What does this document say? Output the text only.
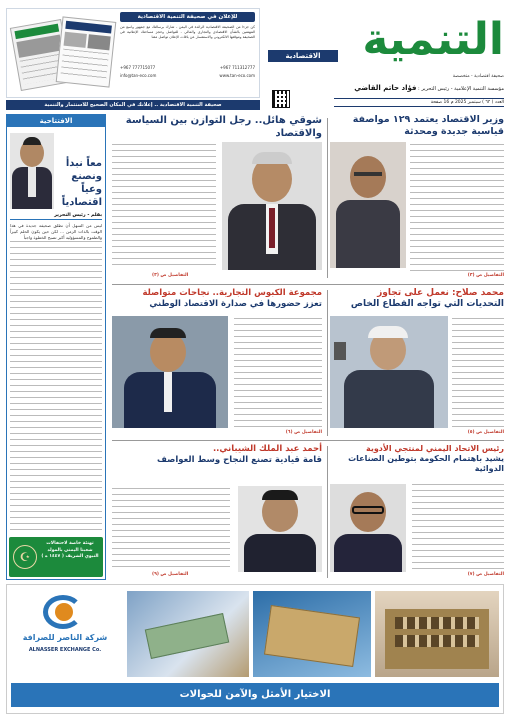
للإعلان في صحيفة التنمية الاقتصادية
كن جزءاً من الصحيفة الاقتصادية الرائدة في اليمن - شارك برسالتك مع جمهور واسع من المهتمين بالشأن الاقتصادي والتجاري والمالي - للتواصل وحجز مساحتك الإعلانية في الصحيفة وموقعها الالكتروني والاستفسار عن باقات الإعلان تواصل معنا
+967 777715077	+967 711312777
info@tan-eco.com	www.tan-eco.com
صحيفة التنمية الاقتصادية .. إعلانك في المكان الصحيح للاستثمار والتنمية
التنمية
الاقتصادية
صحيفة اقتصادية - متخصصة
مؤسسة التنمية الإعلامية - رئيس التحرير : فؤاد حاتم القاضي
العدد ( ٦٣ ) سبتمبر 2025 م 16 صفحة
الافتتاحية
معاً نبدأ ونصنع وعياً اقتصادياً
بقلم - رئيس التحرير
ليس من السهل أن تطلق صحيفة جديدة في هذا الوقت بالذات الزمن ... لكن حين يكون الحلم كبيراً والطموح والمسؤولية أكبر تصبح الخطوة واجباً
تهنئة خاصة لاحتفالات شعبنا اليمني بالمولد النبوي الشريف ( ١٤٤٧ ه )
☪
وزير الاقتصاد يعتمد ١٢٩ مواصفة قياسية جديدة ومحدثة
التفاصيل ص (٣)
شوقي هائل.. رجل التوازن بين السياسة والاقتصاد
التفاصيل ص (٣)
محمد صلاح: نعمل على تجاوز
التحديات التي تواجه القطاع الخاص
التفاصيل ص (٥)
مجموعة الكبوس التجارية.. نجاحات متواصلة
تعزز حضورها في صدارة الاقتصاد الوطني
التفاصيل ص (٦)
رئيس الاتحاد اليمني لمنتجي الأدوية
يشيد باهتمام الحكومة بتوطين الصناعات الدوائية
التفاصيل ص (٧)
أحمد عبد الملك الشيباني..
قامة قيادية تصنع النجاح وسط العواصف
التفاصيل ص (٩)
شركة الناصر للصرافة
ALNASSER EXCHANGE Co.
الاختيار الأمثل والآمن للحوالات
